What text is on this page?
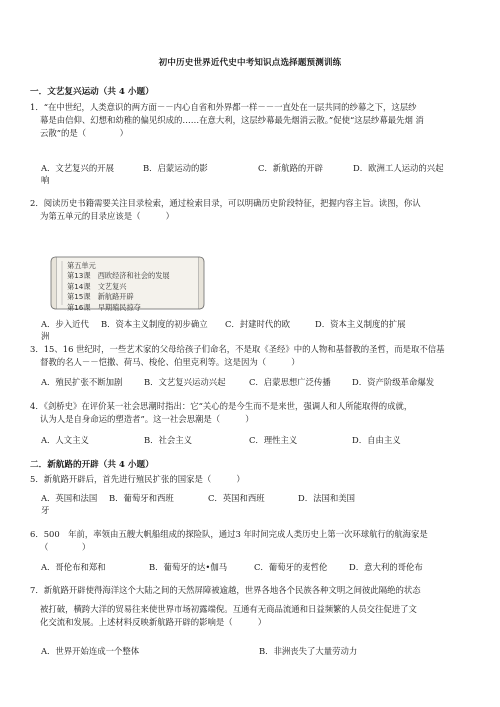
初中历史世界近代史中考知识点选择题预测训练
一．文艺复兴运动（共 4 小题）
1．“在中世纪，人类意识的两方面－－内心自省和外界都一样－－一直处在一层共同的纱幕之下，这层纱
幕是由信仰、幻想和幼稚的偏见织成的……在意大利，这层纱幕最先烟消云散。”促使“这层纱幕最先烟 消
云散”的是（　　　　）
A．文艺复兴的开展	B．启蒙运动的影	C．新航路的开辟	D．欧洲工人运动的兴起
响
2．阅读历史书籍需要关注目录检索，通过检索目录，可以明确历史阶段特征，把握内容主旨。读图，你认
为第五单元的目录应该是（　　　）
第五单元
第13课　西欧经济和社会的发展
第14课　文艺复兴
第15课　新航路开辟
第16课　早期殖民掠夺
A．步入近代	B．资本主义制度的初步确立	C．封建时代的欧	D．资本主义制度的扩展
洲
3．15、16 世纪时，一些艺术家的父母给孩子们命名，不是取《圣经》中的人物和基督教的圣哲，而是取不信基
督教的名人－－恺撒、荷马、梭伦、伯里克利等。这是因为（　　　）
A．殖民扩张不断加剧	B．文艺复兴运动兴起	C．启蒙思想广泛传播	D．资产阶级革命爆发
4．《剑桥史》在评价某一社会思潮时指出：它“关心的是今生而不是来世，强调人和人所能取得的成就，
认为人是自身命运的塑造者”。这一社会思潮是（　　　）
A．人文主义	B．社会主义	C．理性主义	D．自由主义
二．新航路的开辟（共 4 小题）
5．新航路开辟后，首先进行殖民扩张的国家是（　　　）
A．英国和法国	B．葡萄牙和西班	C．英国和西班	D．法国和美国
牙
6．500　年前，率领由五艘大帆船组成的探险队，通过3 年时间完成人类历史上第一次环球航行的航海家是
（　　　　）
A．哥伦布和郑和	B．葡萄牙的达•伽马	C．葡萄牙的麦哲伦	D．意大利的哥伦布
7．新航路开辟使得海洋这个大陆之间的天然屏障被逾越，世界各地各个民族各种文明之间彼此隔绝的状态
被打破，横跨大洋的贸易往来使世界市场初露端倪。互通有无商品流通和日益频繁的人员交往促进了文
化交流和发展。上述材料反映新航路开辟的影响是（　　　）
A．世界开始连成一个整体	B．非洲丧失了大量劳动力
